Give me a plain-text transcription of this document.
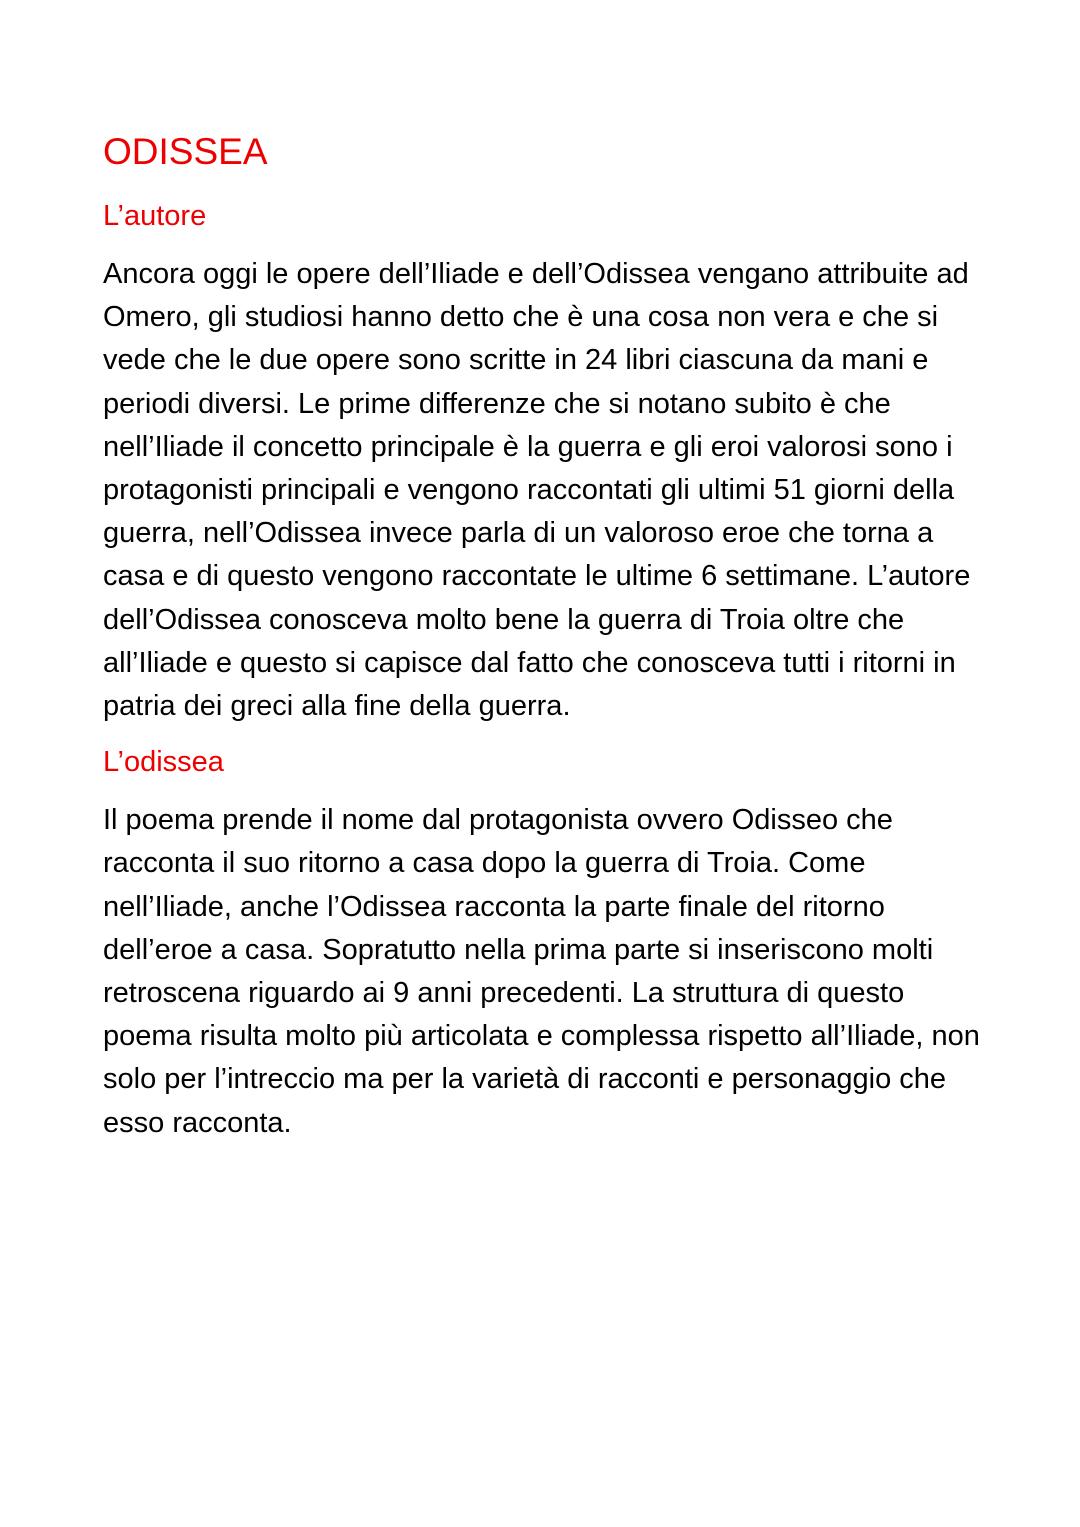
ODISSEA
L’autore

Ancora oggi le opere dell’Iliade e dell’Odissea vengano attribuite ad Omero, gli studiosi hanno detto che è una cosa non vera e che si vede che le due opere sono scritte in 24 libri ciascuna da mani e periodi diversi. Le prime differenze che si notano subito è che nell’Iliade il concetto principale è la guerra e gli eroi valorosi sono i protagonisti principali e vengono raccontati gli ultimi 51 giorni della guerra, nell’Odissea invece parla di un valoroso eroe che torna a casa e di questo vengono raccontate le ultime 6 settimane. L’autore dell’Odissea conosceva molto bene la guerra di Troia oltre che all’Iliade e questo si capisce dal fatto che conosceva tutti i ritorni in patria dei greci alla fine della guerra.

L’odissea

Il poema prende il nome dal protagonista ovvero Odisseo che racconta il suo ritorno a casa dopo la guerra di Troia. Come nell’Iliade, anche l’Odissea racconta la parte finale del ritorno dell’eroe a casa. Sopratutto nella prima parte si inseriscono molti retroscena riguardo ai 9 anni precedenti. La struttura di questo poema risulta molto più articolata e complessa rispetto all’Iliade, non solo per l’intreccio ma per la varietà di racconti e personaggio che esso racconta.
